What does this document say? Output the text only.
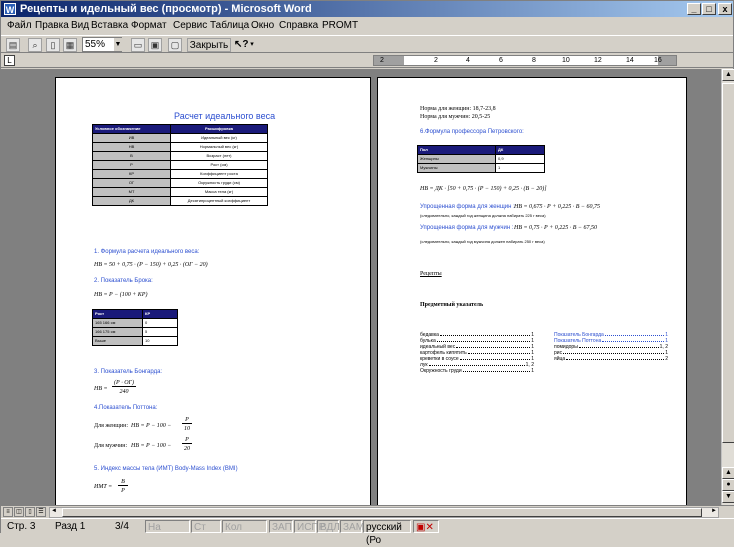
W Рецепты и идельный вес (просмотр) - Microsoft Word	_	□	x
Файл Правка Вид Вставка Формат Сервис Таблица Окно Справка PROMT
▤	⌕	▯	▦	▭ ▣	▢ Закрыть ↖? ▾
55%	▼
L	2	2	4	6	8	10	12	14	16
Расчет идеального веса
Условное обозначение	Расшифровка
ИВ	Идеальный вес (кг)
НВ	Нормальный вес (кг)
В	Возраст (лет)
Р	Рост (см)
КР	Коэффициент роста
ОГ	Окружность груди (см)
МТ	Масса тела (кг)
ДК	Десятипроцентный коэффициент
1. Формула расчета идеального веса:
НВ = 50 + 0,75 · (Р − 150) + 0,25 · (ОГ − 20)
2. Показатель Брока:
НВ = Р − (100 + КР)
Рост	КР
165 166 см	0
166 175 см	5
Выше	10
3. Показатель Бонгарда:
НВ =
(Р · ОГ)
240
4.Показатель Поттона:
Для женщин: НВ = Р − 100 −
Р
10
Для мужчин: НВ = Р − 100 −
Р
20
5. Индекс массы тела (ИМТ) Body-Mass Index (BMI)
ИМТ =
В
Р
Норма для женщин: 18,7-23,8
Норма для мужчин: 20,5-25
6.Формула профессора Петровского:
Пол	ДК
Женщины	0,9
Мужчины	1
НВ = ДК · [50 + 0,75 · (Р − 150) + 0,25 · (В − 20)]
Упрощенная форма для женщин : НВ = 0,675 · Р + 0,225 · В − 60,75
(следовательно, каждый год женщина должна набирать 225 г веса)
Упрощенная форма для мужчин : НВ = 0,75 · Р + 0,225 · В − 67,50
(следовательно, каждый год мужчина должен набирать 250 г веса)
Рецепты
Предметный указатель
бедавка	1
булька	1
идеальный вес	1
картофель кипятить	1
креветки в соусе	1
лук	1, 2
Окружность груди	1
Показатель Бонгарда	1
Показатель Поттона	1
помидоры	1, 2
рис	1
яйца	2
▲
▲
●
▼
≡	◫	▯	☰	◄	►
Стр. 3 Разд 1	3/4	На	Ст	Кол	ЗАП ИСПР
ВДЛ ЗАМ русский (Ро
▣✕
